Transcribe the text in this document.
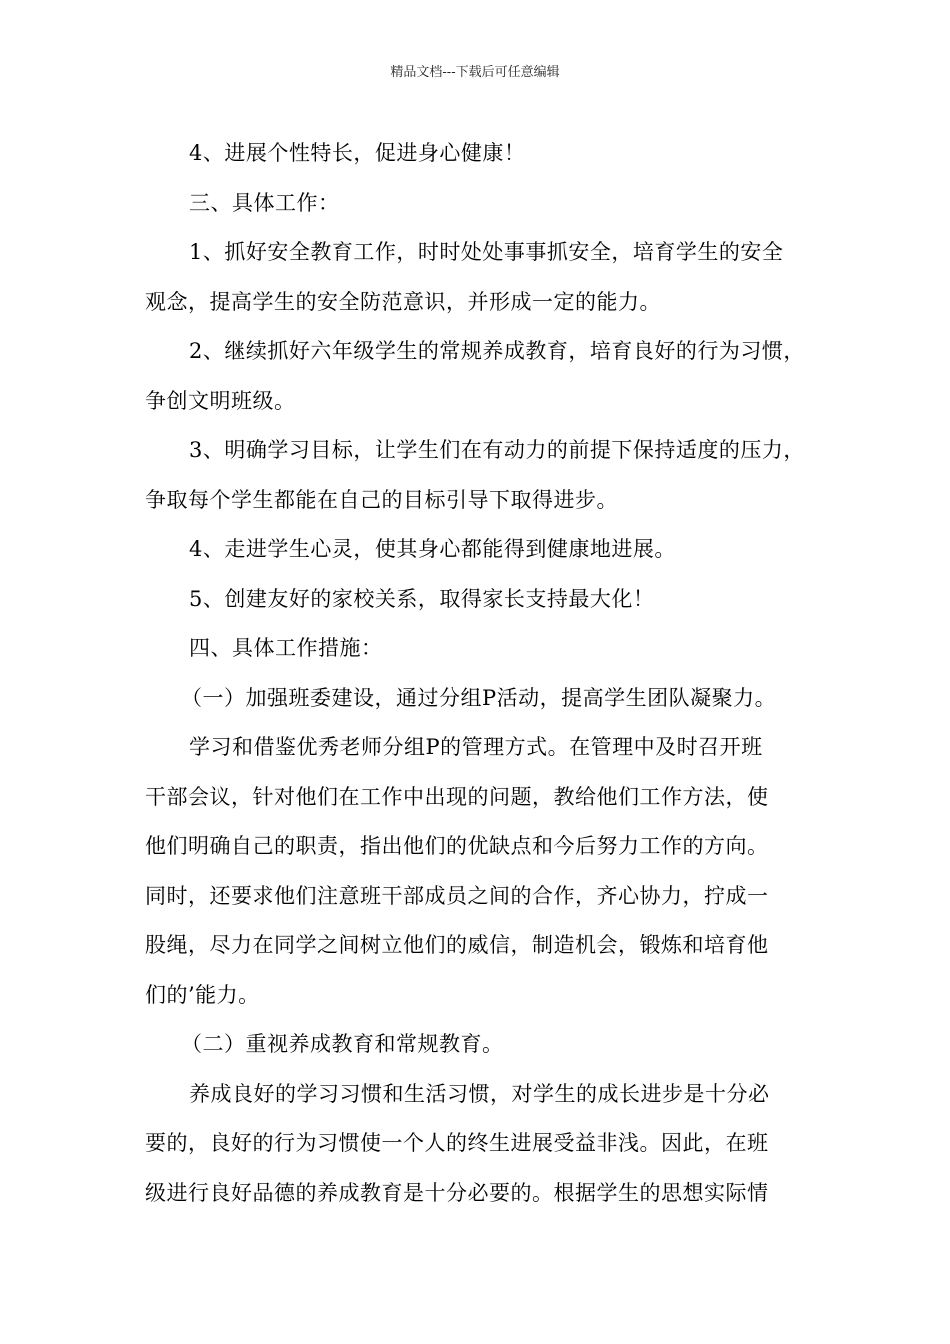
精品文档---下载后可任意编辑

4、进展个性特长，促进身心健康！

三、具体工作：

1、抓好安全教育工作，时时处处事事抓安全，培育学生的安全

观念，提高学生的安全防范意识，并形成一定的能力。

2、继续抓好六年级学生的常规养成教育，培育良好的行为习惯，

争创文明班级。

3、明确学习目标，让学生们在有动力的前提下保持适度的压力，

争取每个学生都能在自己的目标引导下取得进步。

4、走进学生心灵，使其身心都能得到健康地进展。

5、创建友好的家校关系，取得家长支持最大化！

四、具体工作措施：

（一）加强班委建设，通过分组P活动，提高学生团队凝聚力。

学习和借鉴优秀老师分组P的管理方式。在管理中及时召开班

干部会议，针对他们在工作中出现的问题，教给他们工作方法，使

他们明确自己的职责，指出他们的优缺点和今后努力工作的方向。

同时，还要求他们注意班干部成员之间的合作，齐心协力，拧成一

股绳，尽力在同学之间树立他们的威信，制造机会，锻炼和培育他

们的’能力。

（二）重视养成教育和常规教育。

养成良好的学习习惯和生活习惯，对学生的成长进步是十分必

要的，良好的行为习惯使一个人的终生进展受益非浅。因此，在班

级进行良好品德的养成教育是十分必要的。根据学生的思想实际情
